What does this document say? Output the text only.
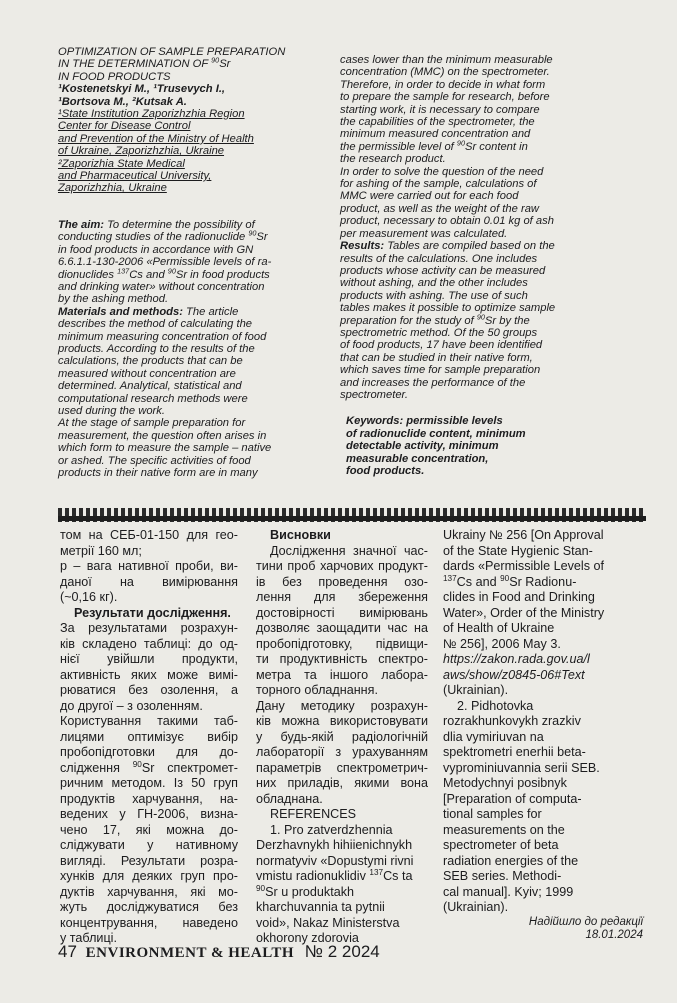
OPTIMIZATION OF SAMPLE PREPARATION
IN THE DETERMINATION OF $^{90}$Sr
IN FOOD PRODUCTS
¹Kostenetskyi M., ¹Trusevych I.,
¹Bortsova M., ²Kutsak A.
¹State Institution Zaporizhzhia Region
Center for Disease Control
and Prevention of the Ministry of Health
of Ukraine, Zaporizhzhia, Ukraine
²Zaporizhia State Medical
and Pharmaceutical University,
Zaporizhzhia, Ukraine
The aim: To determine the possibility of
conducting studies of the radionuclide $^{90}$Sr
in food products in accordance with GN
6.6.1.1-130-2006 «Permissible levels of ra-
dionuclides $^{137}$Cs and $^{90}$Sr in food products
and drinking water» without concentration
by the ashing method.
Materials and methods: The article
describes the method of calculating the
minimum measuring concentration of food
products. According to the results of the
calculations, the products that can be
measured without concentration are
determined. Analytical, statistical and
computational research methods were
used during the work.
At the stage of sample preparation for
measurement, the question often arises in
which form to measure the sample – native
or ashed. The specific activities of food
products in their native form are in many
cases lower than the minimum measurable
concentration (MMC) on the spectrometer.
Therefore, in order to decide in what form
to prepare the sample for research, before
starting work, it is necessary to compare
the capabilities of the spectrometer, the
minimum measured concentration and
the permissible level of $^{90}$Sr content in
the research product.
In order to solve the question of the need
for ashing of the sample, calculations of
MMC were carried out for each food
product, as well as the weight of the raw
product, necessary to obtain 0.01 kg of ash
per measurement was calculated.
Results: Tables are compiled based on the
results of the calculations. One includes
products whose activity can be measured
without ashing, and the other includes
products with ashing. The use of such
tables makes it possible to optimize sample
preparation for the study of $^{90}$Sr by the
spectrometric method. Of the 50 groups
of food products, 17 have been identified
that can be studied in their native form,
which saves time for sample preparation
and increases the performance of the
spectrometer.
Keywords: permissible levels
of radionuclide content, minimum
detectable activity, minimum
measurable concentration,
food products.
том на СЕБ-01-150 для гео-
метрії 160 мл;
р – вага нативної проби, ви-
даної на вимірювання
(~0,16 кг).
Результати дослідження.
За результатами розрахун-
ків складено таблиці: до од-
нієї увійшли продукти,
активність яких може вимі-
рюватися без озолення, а
до другої – з озоленням.
Користування такими таб-
лицями оптимізує вибір
пробопідготовки для до-
слідження $^{90}$Sr спектромет-
ричним методом. Із 50 груп
продуктів харчування, на-
ведених у ГН-2006, визна-
чено 17, які можна до-
сліджувати у нативному
вигляді. Результати розра-
хунків для деяких груп про-
дуктів харчування, які мо-
жуть досліджуватися без
концентрування, наведено
у таблиці.
Висновки
Дослідження значної час-
тини проб харчових продукт-
ів без проведення озо-
лення для збереження
достовірності вимірювань
дозволяє заощадити час на
пробопідготовку, підвищи-
ти продуктивність спектро-
метра та іншого лабора-
торного обладнання.
Дану методику розрахун-
ків можна використовувати
у будь-якій радіологічній
лабораторії з урахуванням
параметрів спектрометрич-
них приладів, якими вона
обладнана.
REFERENCES
1. Pro zatverdzhennia
Derzhavnykh hihiienichnykh
normatyviv «Dopustymi rivni
vmistu radionuklidiv $^{137}$Cs ta
$^{90}$Sr u produktakh
kharchuvannia ta pytnii
void», Nakaz Ministerstva
okhorony zdorovia
Ukrainy № 256 [On Approval
of the State Hygienic Stan-
dards «Permissible Levels of
$^{137}$Cs and $^{90}$Sr Radionu-
clides in Food and Drinking
Water», Order of the Ministry
of Health of Ukraine
№ 256], 2006 May 3.
https://zakon.rada.gov.ua/l
aws/show/z0845-06#Text
(Ukrainian).
2. Pidhotovka
rozrakhunkovykh zrazkiv
dlia vymiriuvan na
spektrometri enerhii beta-
vyprominiuvannia serii SEB.
Metodychnyi posibnyk
[Preparation of computa-
tional samples for
measurements on the
spectrometer of beta
radiation energies of the
SEB series. Methodi-
cal manual]. Kyiv; 1999
(Ukrainian).
Надійшло до редакції
18.01.2024
47 ENVIRONMENT & HEALTH № 2 2024
